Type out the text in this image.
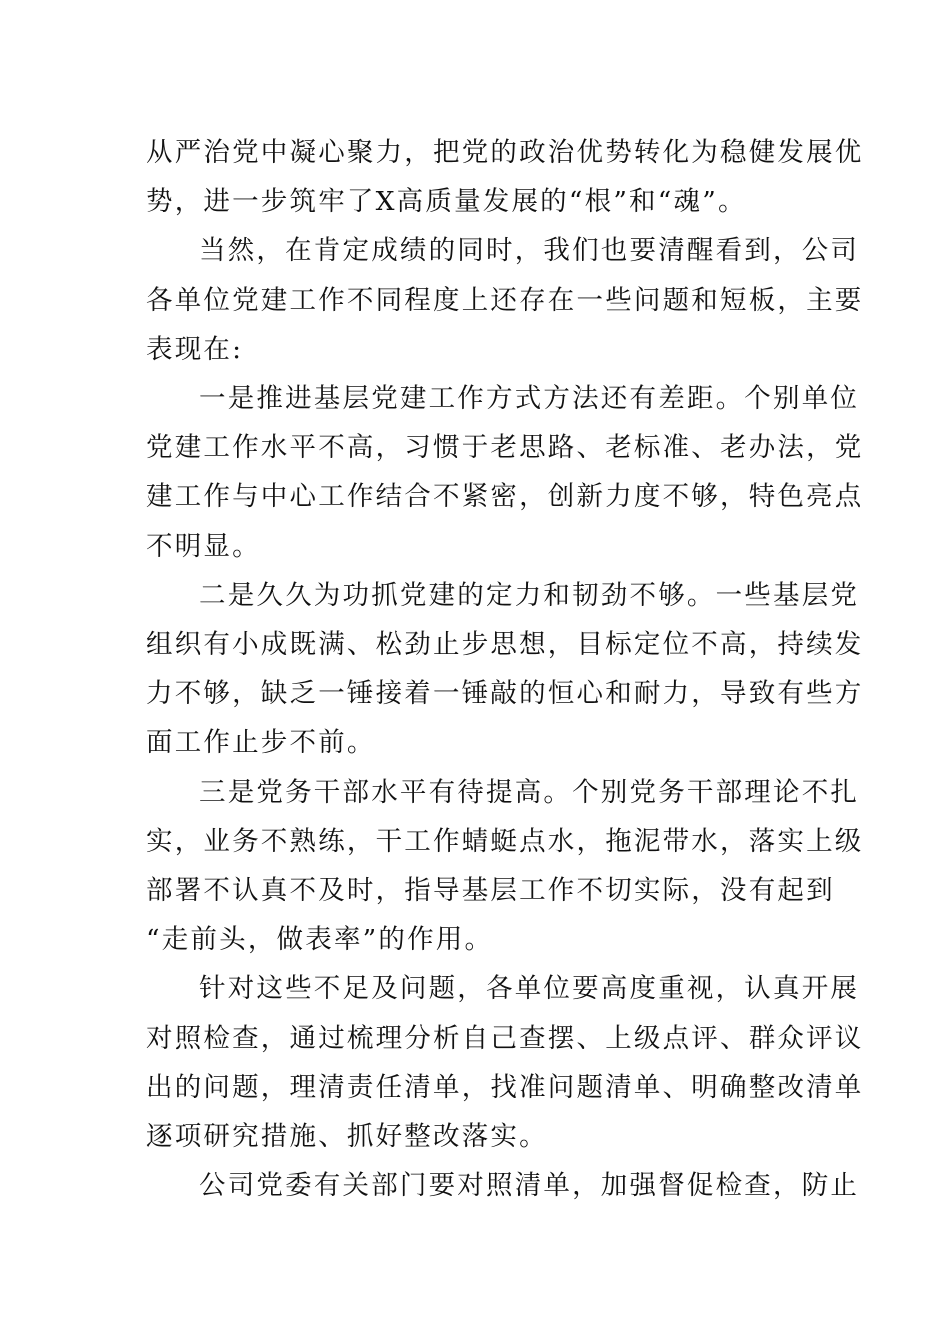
从严治党中凝心聚力，把党的政治优势转化为稳健发展优
势，进一步筑牢了X高质量发展的“根”和“魂”。

当然，在肯定成绩的同时，我们也要清醒看到，公司
各单位党建工作不同程度上还存在一些问题和短板，主要
表现在:

一是推进基层党建工作方式方法还有差距。个别单位
党建工作水平不高，习惯于老思路、老标准、老办法，党
建工作与中心工作结合不紧密，创新力度不够，特色亮点
不明显。

二是久久为功抓党建的定力和韧劲不够。一些基层党
组织有小成既满、松劲止步思想，目标定位不高，持续发
力不够，缺乏一锤接着一锤敲的恒心和耐力，导致有些方
面工作止步不前。

三是党务干部水平有待提高。个别党务干部理论不扎
实，业务不熟练，干工作蜻蜓点水，拖泥带水，落实上级
部署不认真不及时，指导基层工作不切实际，没有起到
“走前头，做表率”的作用。

针对这些不足及问题，各单位要高度重视，认真开展
对照检查，通过梳理分析自己查摆、上级点评、群众评议
出的问题，理清责任清单，找准问题清单、明确整改清单
逐项研究措施、抓好整改落实。

公司党委有关部门要对照清单，加强督促检查，防止
